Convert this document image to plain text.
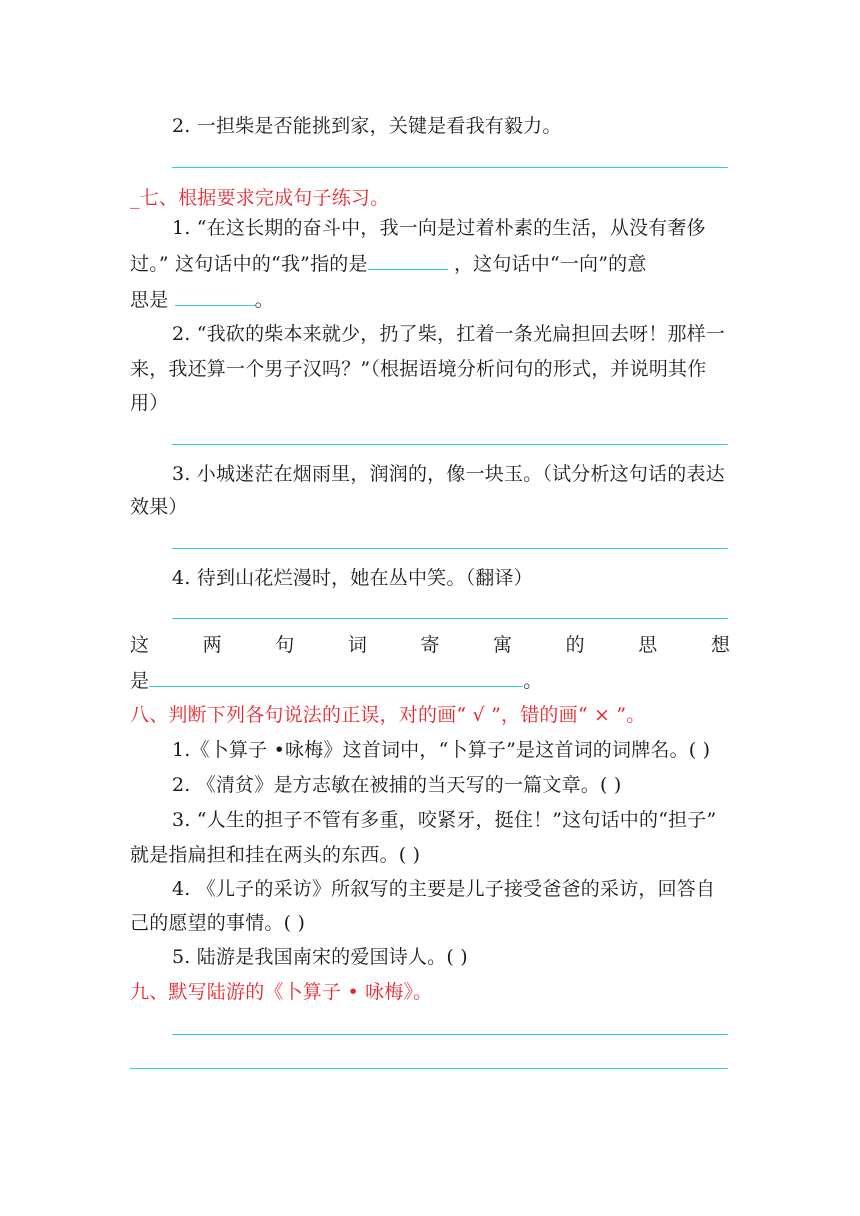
2. 一担柴是否能挑到家，关键是看我有毅力。
_七、根据要求完成句子练习。
1. “在这长期的奋斗中，我一向是过着朴素的生活，从没有奢侈
过。” 这句话中的“我”指的是	，这句话中“一向”的意
思是	。
2. “我砍的柴本来就少，扔了柴，扛着一条光扁担回去呀！那样一
来，我还算一个男子汉吗？”（根据语境分析问句的形式，并说明其作
用）
3. 小城迷茫在烟雨里，润润的，像一块玉。（试分析这句话的表达
效果）
4. 待到山花烂漫时，她在丛中笑。（翻译）
这	两	句	词	寄	寓	的	思	想
是	。
八、判断下列各句说法的正误，对的画“ √ ”，错的画“ × ”。
1.《卜算子 •咏梅》这首词中，“卜算子”是这首词的词牌名。( )
2. 《清贫》是方志敏在被捕的当天写的一篇文章。( )
3. “人生的担子不管有多重，咬紧牙，挺住！”这句话中的“担子”
就是指扁担和挂在两头的东西。( )
4. 《儿子的采访》所叙写的主要是儿子接受爸爸的采访，回答自
己的愿望的事情。( )
5. 陆游是我国南宋的爱国诗人。( )
九、默写陆游的《卜算子 • 咏梅》。
